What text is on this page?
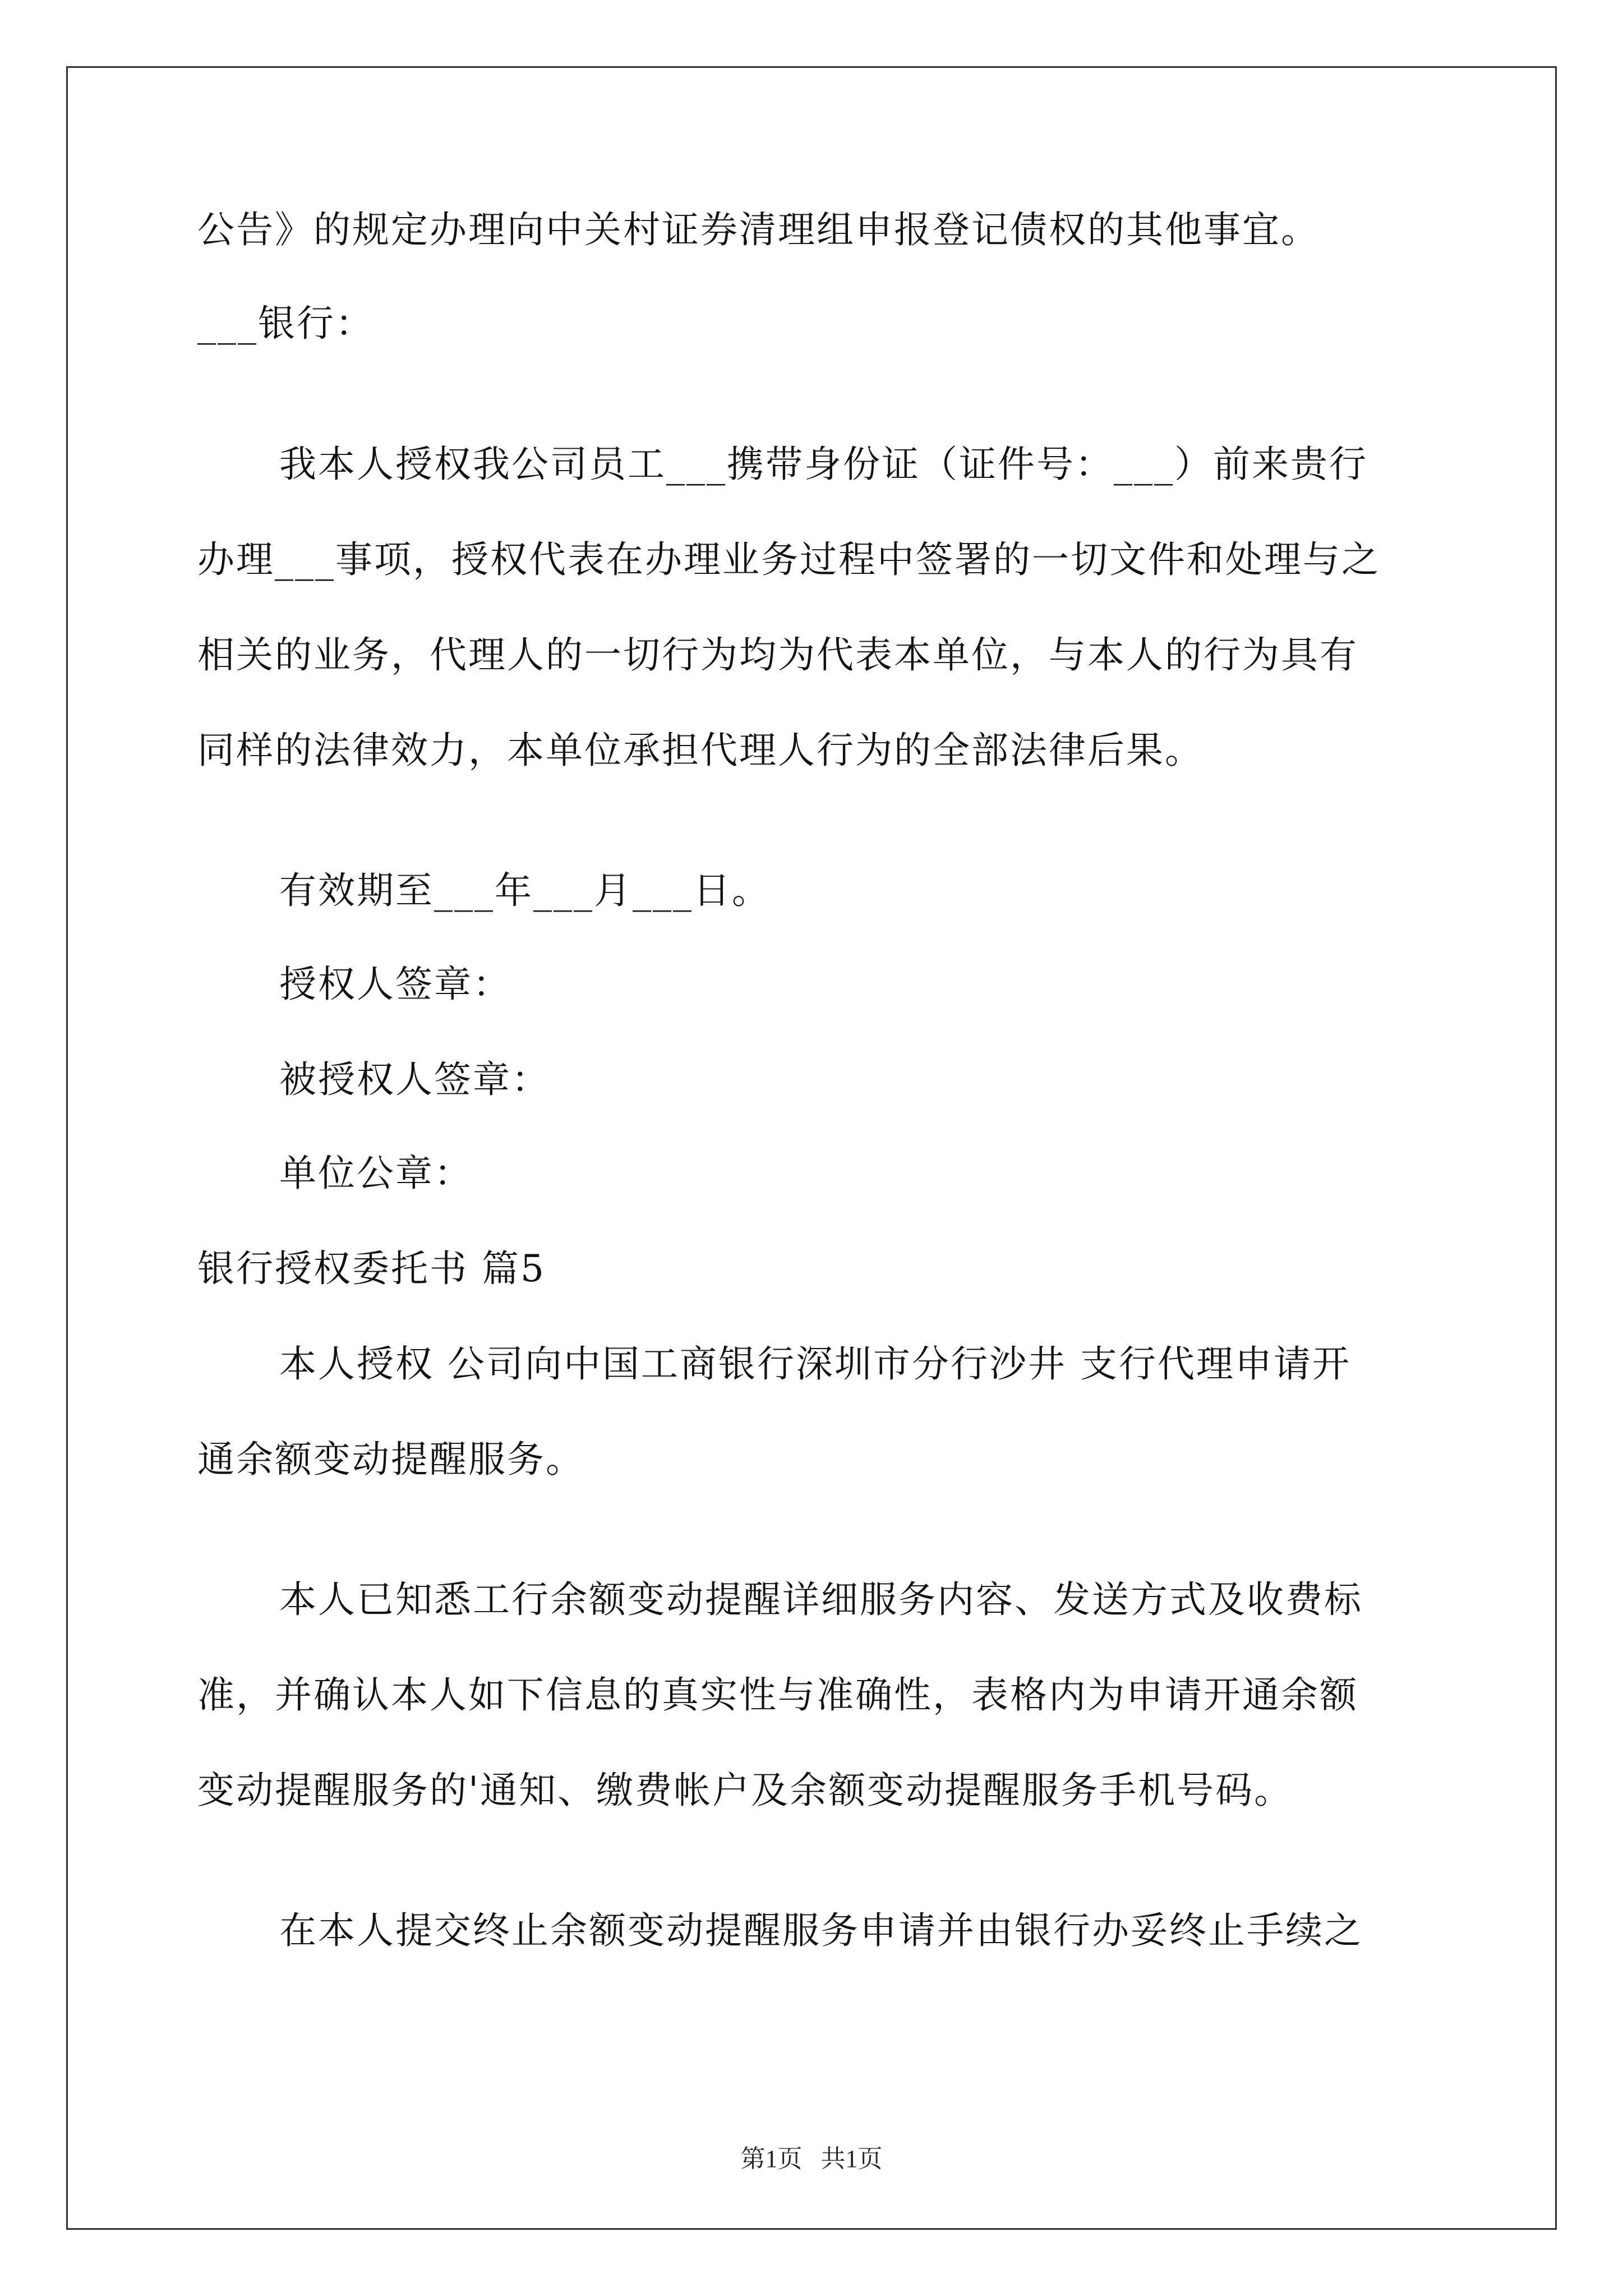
公告》的规定办理向中关村证券清理组申报登记债权的其他事宜。
___银行：
我本人授权我公司员工___携带身份证（证件号：___）前来贵行
办理___事项，授权代表在办理业务过程中签署的一切文件和处理与之
相关的业务，代理人的一切行为均为代表本单位，与本人的行为具有
同样的法律效力，本单位承担代理人行为的全部法律后果。
有效期至___年___月___日。
授权人签章：
被授权人签章：
单位公章：
银行授权委托书 篇5
本人授权 公司向中国工商银行深圳市分行沙井 支行代理申请开
通余额变动提醒服务。
本人已知悉工行余额变动提醒详细服务内容、发送方式及收费标
准，并确认本人如下信息的真实性与准确性，表格内为申请开通余额
变动提醒服务的'通知、缴费帐户及余额变动提醒服务手机号码。
在本人提交终止余额变动提醒服务申请并由银行办妥终止手续之
第1页   共1页
